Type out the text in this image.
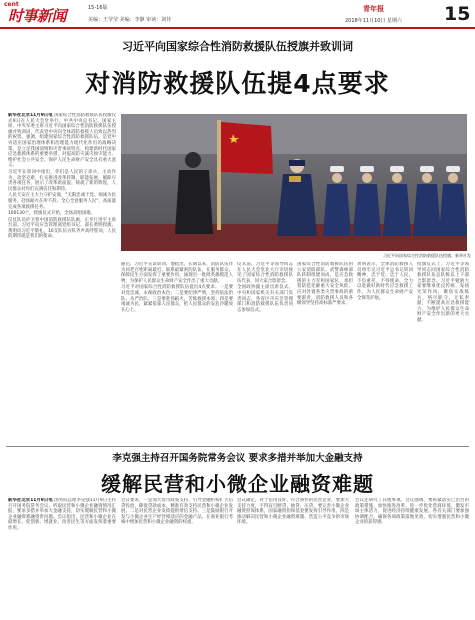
cent
时事新闻	15-16版
美编：王莹莹 美编：李静 审读：刘佳
青年报
2018年11月10日 星期六 15
习近平向国家综合性消防救援队伍授旗并致训词
对消防救援队伍提4点要求

新华社北京11月9日电 国家综合性消防救援队伍授旗仪式9日在人民大会堂举行。中共中央总书记、国家主席、中央军委主席习近平向国家综合性消防救援队伍授旗并致训词，代表党中央向全体消防救援人员致以热烈的祝贺。强调，组建国家综合性消防救援队伍，是党中央适应国家治理体系和治理能力现代化作出的战略决策，是立足我国国情和灾害事故特点、构建新时代国家应急救援体系的重要举措，对提高防灾减灾救灾能力、维护社会公共安全、保护人民生命财产安全具有重大意义。

习近平在训词中指出，你们是人民的子弟兵，主动作为、攻坚克难，扎实推进改革转制、职能拓展，履职尽责各项任务，展示了改革新面貌、铸就了新的辉煌，人民群众对你们充满信任和期待。

人民天安在主大力守护安康，"无限忠诚于党、竭诚为民服务、赴汤蹈火在所不辞、全心全意服务人民"，高质量完成各项救援任务。

100130个，授旗仪式开始，全场高唱国歌。

仪仗队员护卫着中国消防救援队队旗，正步行进至主席台前。习近平向应急管理部党组书记、部长黄明授旗，黄明向习近平敬礼。16支队伍方阵齐声高呼誓词，人民的期待就是我们的使命。

习近平向国家综合性消防救援队伍授旗。新华社发

随后，习近平宣读训词。他指出，长期以来，消防队伍作为同老百姓距离最近、联系最紧密的队伍，在服务群众、保障民生方面发挥了重要作用，涌现出一批批英雄模范人物，为保护人民群众生命财产安全作出了重大贡献。

习近平对国家综合性消防救援队伍提出4点要求。一是要对党忠诚，永葆政治本色；二是要纪律严明，坚持依法治队、从严治队；三是要赴汤蹈火，苦练救援本领；四是要竭诚为民，紧紧依靠人民群众，把人民群众的安危冷暖放在心上。

仪式前，习近平等领导同志在人民大会堂北大厅亲切接见了国家综合性消防救援队伍代表，同大家合影留念。

全国政协副主席出席仪式。中央和国家机关有关部门负责同志，各省区市应急管理部门和消防救援队伍负责同志参加仪式。

国家综合性消防救援队伍由公安消防部队、武警森林部队转制组建而成，是应急救援的主力军和国家队，承担着防范化解重大安全风险、应对处置各类灾害事故的重要职责，消防救援人员和各级领导坚持高标准严要求。

黄明表示，全体消防救援人员将牢记习近平总书记训词精神，忠于党、忠于人民，不负重托，不辱使命，全力以赴做好新时代应急救援工作，为人民群众生命财产安全保驾护航。

授旗仪式上，习近平等领导同志同国家综合性消防救援队伍总队级以上干部合影留念。习近平勉励大家要继承优良传统、发扬光荣作风，聚焦实战练兵，恪尽职守、无私奉献，不断提高应急救援能力，为维护人民群众生命财产安全作出新的更大贡献。

李克强主持召开国务院常务会议 要求多措并举加大金融支持
缓解民营和小微企业融资难题

新华社北京11月9日电 国务院总理李克强11月9日主持召开国务院常务会议，听取民营和小微企业融资情况汇报，要求多措并举加大金融支持，切实缓解民营和小微企业融资难融资贵问题。会议指出，民营和小微企业在稳增长、促创新、增就业、改善民生等方面发挥着重要作用。

会议要求，一是加大货币政策支持，引导金融机构扩大信贷投放、降低贷款成本，精准有效支持民营和小微企业发展。二是对民营企业发债提供增信支持。三是鼓励银行开发与小微企业生产经营相适应的金融产品，在商业银行考核中增加民营和小微企业融资的权重。

会议确定，对于信用良好、符合条件的民营企业，要加大支持力度，不得盲目断贷、抽贷、压贷。要完善小微企业融资担保体系，国家融资担保基金要发挥引导作用。四是推动解决民营和小微企业融资难题，营造公平竞争的市场环境。

会议还研究了其他事项。会议强调，要抓紧落实已出台的政策措施，加快推进改革，进一步优化营商环境，激发市场主体活力，促进经济持续健康发展。各有关部门要加强协调配合，确保各项政策落地见效，切实增强民营和小微企业的获得感。
